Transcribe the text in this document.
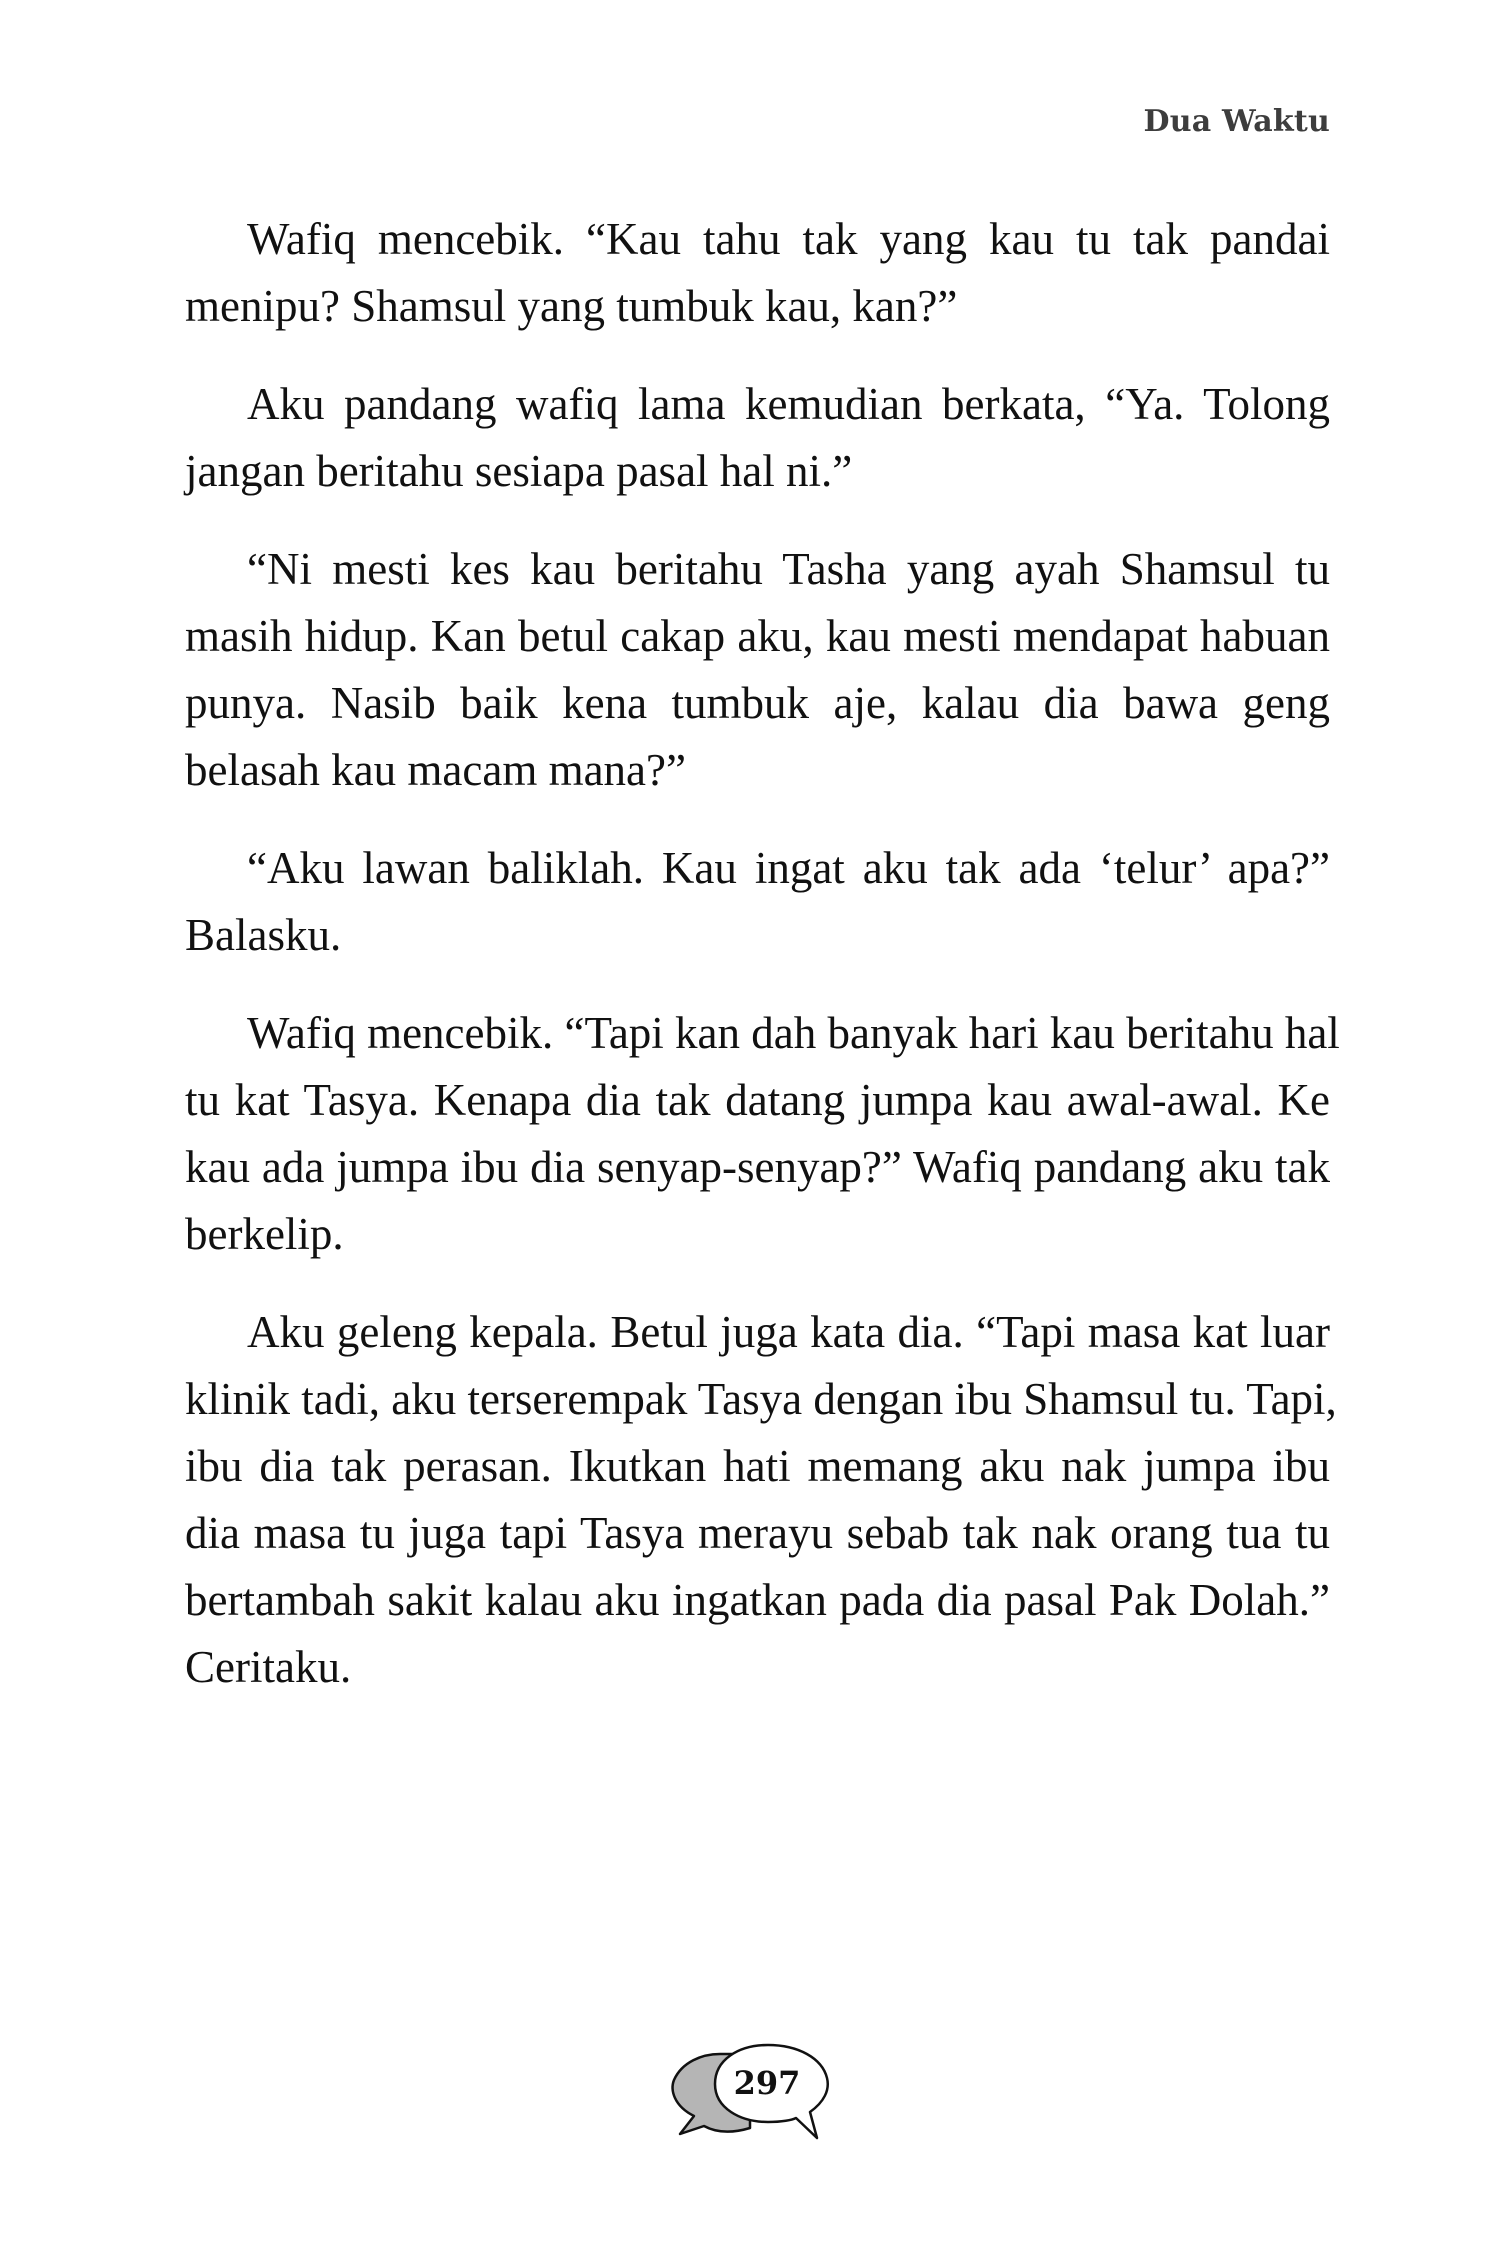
Dua Waktu

Wafiq mencebik. “Kau tahu tak yang kau tu tak pandai
menipu? Shamsul yang tumbuk kau, kan?”

Aku pandang wafiq lama kemudian berkata, “Ya. Tolong
jangan beritahu sesiapa pasal hal ni.”

“Ni mesti kes kau beritahu Tasha yang ayah Shamsul tu
masih hidup. Kan betul cakap aku, kau mesti mendapat habuan
punya. Nasib baik kena tumbuk aje, kalau dia bawa geng
belasah kau macam mana?”

“Aku lawan baliklah. Kau ingat aku tak ada ‘telur’ apa?”
Balasku.

Wafiq mencebik. “Tapi kan dah banyak hari kau beritahu hal
tu kat Tasya. Kenapa dia tak datang jumpa kau awal-awal. Ke
kau ada jumpa ibu dia senyap-senyap?” Wafiq pandang aku tak
berkelip.

Aku geleng kepala. Betul juga kata dia. “Tapi masa kat luar
klinik tadi, aku terserempak Tasya dengan ibu Shamsul tu. Tapi,
ibu dia tak perasan. Ikutkan hati memang aku nak jumpa ibu
dia masa tu juga tapi Tasya merayu sebab tak nak orang tua tu
bertambah sakit kalau aku ingatkan pada dia pasal Pak Dolah.”
Ceritaku.

297
